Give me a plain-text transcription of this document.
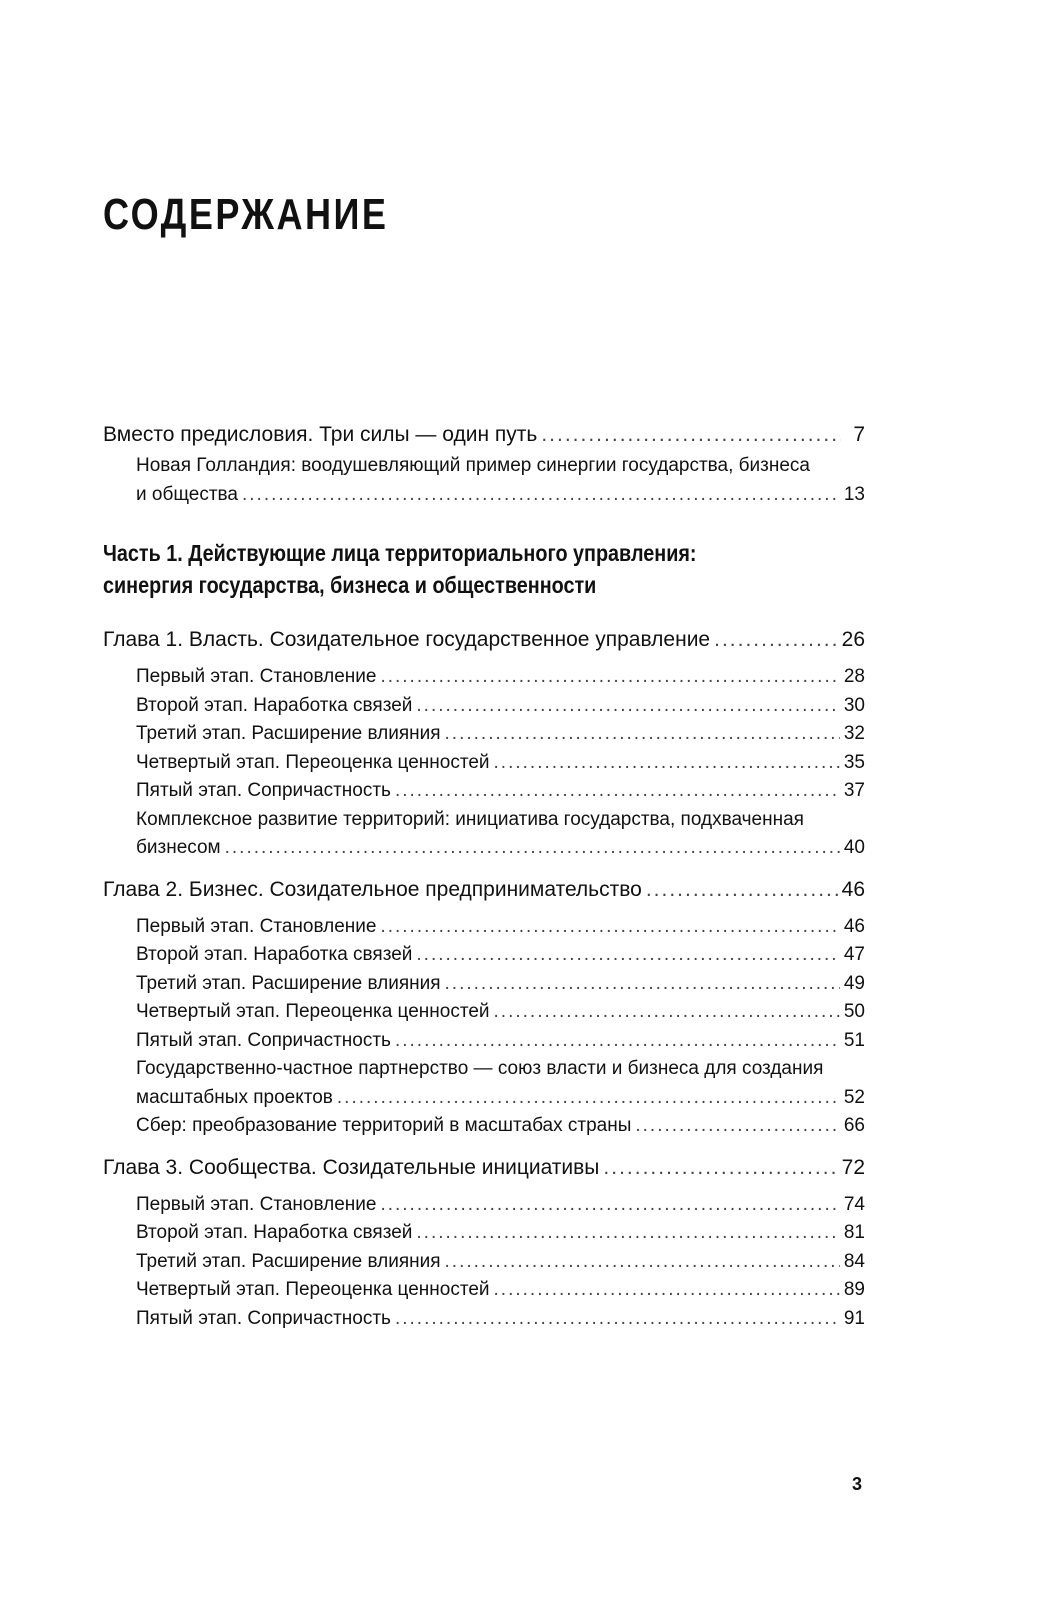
СОДЕРЖАНИЕ
Вместо предисловия. Три силы — один путь .....	7
Новая Голландия: воодушевляющий пример синергии государства, бизнеса
и общества .....	13
Часть 1. Действующие лица территориального управления:
синергия государства, бизнеса и общественности
Глава 1. Власть. Созидательное государственное управление .....	26
Первый этап. Становление .....	28
Второй этап. Наработка связей .....	30
Третий этап. Расширение влияния .....	32
Четвертый этап. Переоценка ценностей .....	35
Пятый этап. Сопричастность .....	37
Комплексное развитие территорий: инициатива государства, подхваченная
бизнесом .....	40
Глава 2. Бизнес. Созидательное предпринимательство .....	46
Первый этап. Становление .....	46
Второй этап. Наработка связей .....	47
Третий этап. Расширение влияния .....	49
Четвертый этап. Переоценка ценностей .....	50
Пятый этап. Сопричастность .....	51
Государственно-частное партнерство — союз власти и бизнеса для создания
масштабных проектов .....	52
Сбер: преобразование территорий в масштабах страны .....	66
Глава 3. Сообщества. Созидательные инициативы .....	72
Первый этап. Становление .....	74
Второй этап. Наработка связей .....	81
Третий этап. Расширение влияния .....	84
Четвертый этап. Переоценка ценностей .....	89
Пятый этап. Сопричастность .....	91
3
